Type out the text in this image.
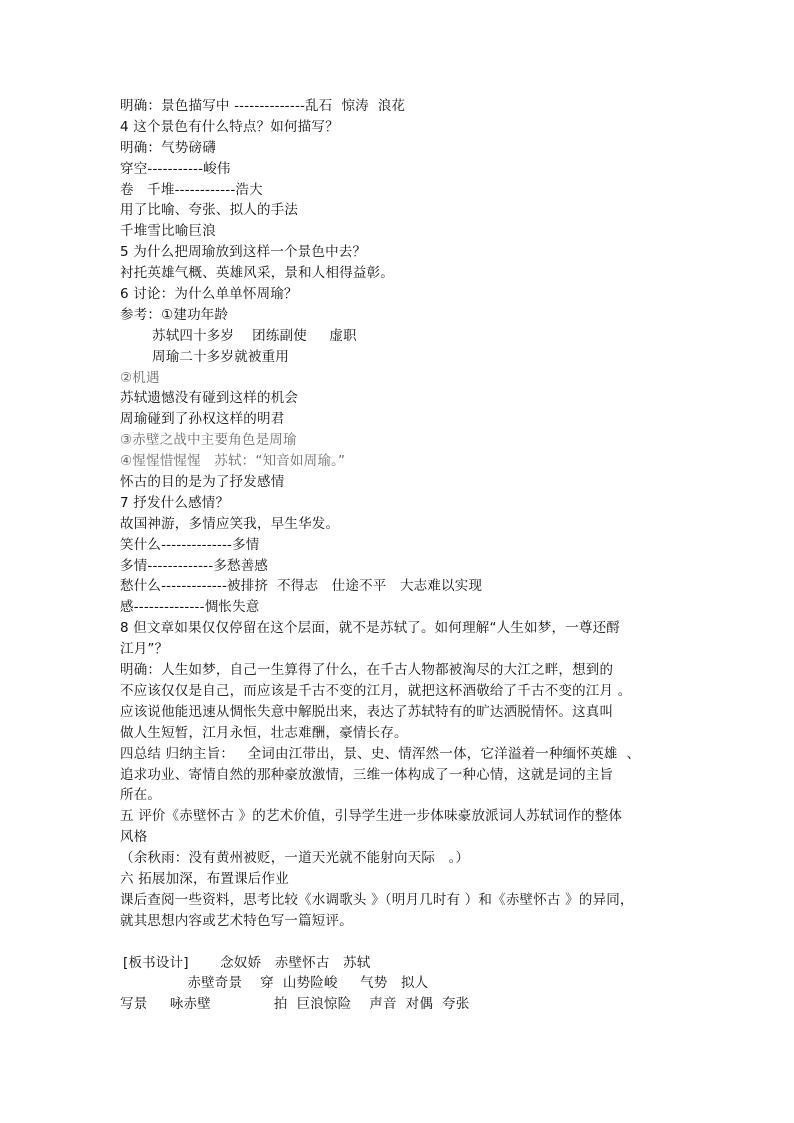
明确：景色描写中 --------------乱石  惊涛  浪花
4 这个景色有什么特点？如何描写？
明确：气势磅礴
穿空-----------峻伟
卷   千堆------------浩大
用了比喻、夸张、拟人的手法
千堆雪比喻巨浪
5 为什么把周瑜放到这样一个景色中去？
衬托英雄气概、英雄风采，景和人相得益彰。
6 讨论：为什么单单怀周瑜？
参考：①建功年龄
苏轼四十多岁    团练副使     虚职
周瑜二十多岁就被重用
②机遇
苏轼遗憾没有碰到这样的机会
周瑜碰到了孙权这样的明君
③赤壁之战中主要角色是周瑜
④惺惺惜惺惺   苏轼：“知音如周瑜。”
怀古的目的是为了抒发感情
7 抒发什么感情？
故国神游，多情应笑我，早生华发。
笑什么--------------多情
多情-------------多愁善感
愁什么-------------被排挤  不得志   仕途不平   大志难以实现
感--------------惆怅失意
8 但文章如果仅仅停留在这个层面，就不是苏轼了。如何理解“人生如梦，一尊还酹
江月”？
明确：人生如梦，自己一生算得了什么，在千古人物都被淘尽的大江之畔，想到的
不应该仅仅是自己，而应该是千古不变的江月，就把这杯酒敬给了千古不变的江月 。
应该说他能迅速从惆怅失意中解脱出来，表达了苏轼特有的旷达洒脱情怀。这真叫
做人生短暂，江月永恒，壮志难酬，豪情长存。
四总结 归纳主旨：   全词由江带出，景、史、情浑然一体，它洋溢着一种缅怀英雄  、
追求功业、寄情自然的那种豪放激情，三维一体构成了一种心情，这就是词的主旨
所在。
五 评价《赤壁怀古 》的艺术价值，引导学生进一步体味豪放派词人苏轼词作的整体
风格
（余秋雨：没有黄州被贬，一道天光就不能射向天际   。）
六 拓展加深，布置课后作业
课后查阅一些资料，思考比较《水调歌头 》（明月几时有 ）和《赤壁怀古 》的异同，
就其思想内容或艺术特色写一篇短评。
[板书设计]       念奴娇   赤壁怀古   苏轼
赤壁奇景    穿  山势险峻     气势   拟人
写景     咏赤壁              拍  巨浪惊险    声音  对偶  夸张
